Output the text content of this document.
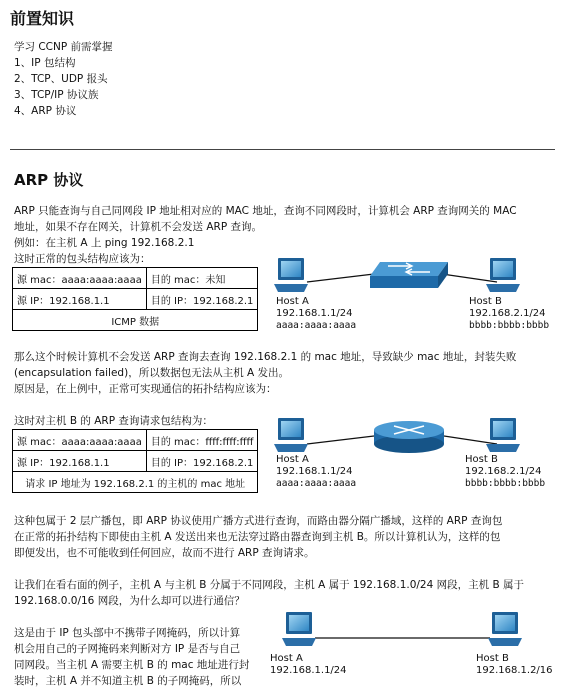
前置知识
学习 CCNP 前需掌握
1、IP 包结构
2、TCP、UDP 报头
3、TCP/IP 协议族
4、ARP 协议
ARP 协议
ARP 只能查询与自己同网段 IP 地址相对应的 MAC 地址，查询不同网段时，计算机会 ARP 查询网关的 MAC
地址，如果不存在网关，计算机不会发送 ARP 查询。
例如：在主机 A 上 ping 192.168.2.1
这时正常的包头结构应该为：
源 mac：aaaa:aaaa:aaaa	目的 mac：未知
源 IP：192.168.1.1	目的 IP：192.168.2.1
ICMP 数据	
Host A
192.168.1.1/24
aaaa:aaaa:aaaa
Host B
192.168.2.1/24
bbbb:bbbb:bbbb
那么这个时候计算机不会发送 ARP 查询去查询 192.168.2.1 的 mac 地址，导致缺少 mac 地址，封装失败
(encapsulation failed)，所以数据包无法从主机 A 发出。
原因是，在上例中，正常可实现通信的拓扑结构应该为：
这时对主机 B 的 ARP 查询请求包结构为：
源 mac：aaaa:aaaa:aaaa	目的 mac：ffff:ffff:ffff
源 IP：192.168.1.1	目的 IP：192.168.2.1
请求 IP 地址为 192.168.2.1 的主机的 mac 地址	
Host A
192.168.1.1/24
aaaa:aaaa:aaaa
Host B
192.168.2.1/24
bbbb:bbbb:bbbb
这种包属于 2 层广播包，即 ARP 协议使用广播方式进行查询，而路由器分隔广播域，这样的 ARP 查询包
在正常的拓扑结构下即使由主机 A 发送出来也无法穿过路由器查询到主机 B。所以计算机认为，这样的包
即便发出，也不可能收到任何回应，故而不进行 ARP 查询请求。
让我们在看右面的例子，主机 A 与主机 B 分属于不同网段，主机 A 属于 192.168.1.0/24 网段，主机 B 属于
192.168.0.0/16 网段，为什么却可以进行通信？
这是由于 IP 包头部中不携带子网掩码，所以计算
机会用自己的子网掩码来判断对方 IP 是否与自己
同网段。当主机 A 需要主机 B 的 mac 地址进行封
装时，主机 A 并不知道主机 B 的子网掩码，所以
Host A
192.168.1.1/24
Host B
192.168.1.2/16
